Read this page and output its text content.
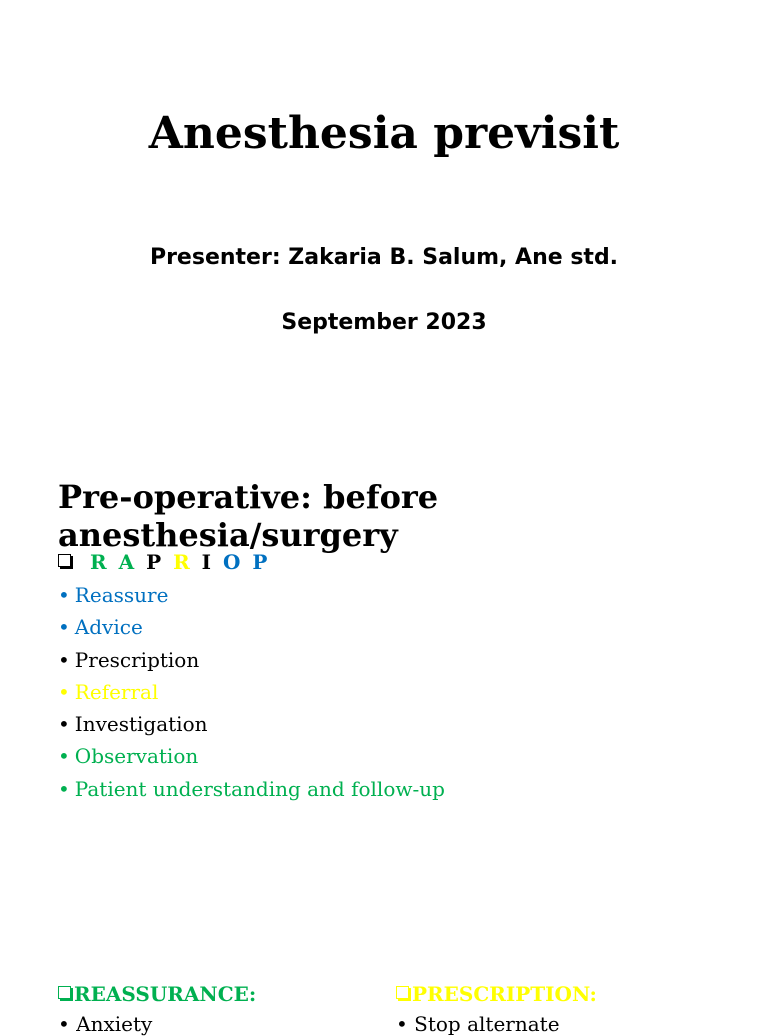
Anesthesia previsit

Presenter: Zakaria B. Salum, Ane std.

September 2023

Pre-operative: before anesthesia/surgery
R A P R I O P
• Reassure
• Advice
• Prescription
• Referral
• Investigation
• Observation
• Patient understanding and follow-up
REASSURANCE:
• Anxiety
PRESCRIPTION:
• Stop alternate
